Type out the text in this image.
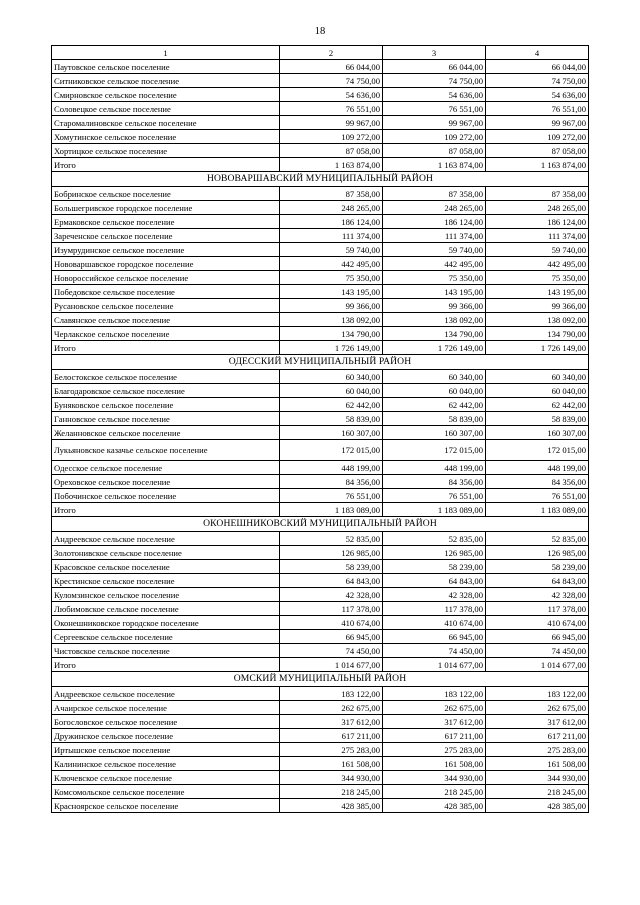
18
1	2	3	4
Паутовское сельское поселение	66 044,00	66 044,00	66 044,00
Ситниковское сельское поселение	74 750,00	74 750,00	74 750,00
Смирновское сельское поселение	54 636,00	54 636,00	54 636,00
Соловецкое сельское поселение	76 551,00	76 551,00	76 551,00
Старомалиновское сельское поселение	99 967,00	99 967,00	99 967,00
Хомутинское сельское поселение	109 272,00	109 272,00	109 272,00
Хортицкое сельское поселение	87 058,00	87 058,00	87 058,00
Итого	1 163 874,00	1 163 874,00	1 163 874,00
НОВОВАРШАВСКИЙ МУНИЦИПАЛЬНЫЙ РАЙОН			
Бобринское сельское поселение	87 358,00	87 358,00	87 358,00
Большегривское городское поселение	248 265,00	248 265,00	248 265,00
Ермаковское сельское поселение	186 124,00	186 124,00	186 124,00
Зареченское сельское поселение	111 374,00	111 374,00	111 374,00
Изумрудинское сельское поселение	59 740,00	59 740,00	59 740,00
Нововаршавское городское поселение	442 495,00	442 495,00	442 495,00
Новороссийское сельское поселение	75 350,00	75 350,00	75 350,00
Победовское сельское поселение	143 195,00	143 195,00	143 195,00
Русановское сельское поселение	99 366,00	99 366,00	99 366,00
Славянское сельское поселение	138 092,00	138 092,00	138 092,00
Черлакское сельское поселение	134 790,00	134 790,00	134 790,00
Итого	1 726 149,00	1 726 149,00	1 726 149,00
ОДЕССКИЙ МУНИЦИПАЛЬНЫЙ РАЙОН			
Белостокское сельское поселение	60 340,00	60 340,00	60 340,00
Благодаровское сельское поселение	60 040,00	60 040,00	60 040,00
Буняковское сельское поселение	62 442,00	62 442,00	62 442,00
Ганновское сельское поселение	58 839,00	58 839,00	58 839,00
Желанновское сельское поселение	160 307,00	160 307,00	160 307,00
Лукьяновское казачье сельское поселение	172 015,00	172 015,00	172 015,00
Одесское сельское поселение	448 199,00	448 199,00	448 199,00
Ореховское сельское поселение	84 356,00	84 356,00	84 356,00
Побочинское сельское поселение	76 551,00	76 551,00	76 551,00
Итого	1 183 089,00	1 183 089,00	1 183 089,00
ОКОНЕШНИКОВСКИЙ МУНИЦИПАЛЬНЫЙ РАЙОН			
Андреевское сельское поселение	52 835,00	52 835,00	52 835,00
Золотонивское сельское поселение	126 985,00	126 985,00	126 985,00
Красовское сельское поселение	58 239,00	58 239,00	58 239,00
Крестинское сельское поселение	64 843,00	64 843,00	64 843,00
Куломзинское сельское поселение	42 328,00	42 328,00	42 328,00
Любимовское сельское поселение	117 378,00	117 378,00	117 378,00
Оконешниковское городское поселение	410 674,00	410 674,00	410 674,00
Сергеевское сельское поселение	66 945,00	66 945,00	66 945,00
Чистовское сельское поселение	74 450,00	74 450,00	74 450,00
Итого	1 014 677,00	1 014 677,00	1 014 677,00
ОМСКИЙ МУНИЦИПАЛЬНЫЙ РАЙОН			
Андреевское сельское поселение	183 122,00	183 122,00	183 122,00
Ачаирское сельское поселение	262 675,00	262 675,00	262 675,00
Богословское сельское поселение	317 612,00	317 612,00	317 612,00
Дружинское сельское поселение	617 211,00	617 211,00	617 211,00
Иртышское сельское поселение	275 283,00	275 283,00	275 283,00
Калининское сельское поселение	161 508,00	161 508,00	161 508,00
Ключевское сельское поселение	344 930,00	344 930,00	344 930,00
Комсомольское сельское поселение	218 245,00	218 245,00	218 245,00
Красноярское сельское поселение	428 385,00	428 385,00	428 385,00
